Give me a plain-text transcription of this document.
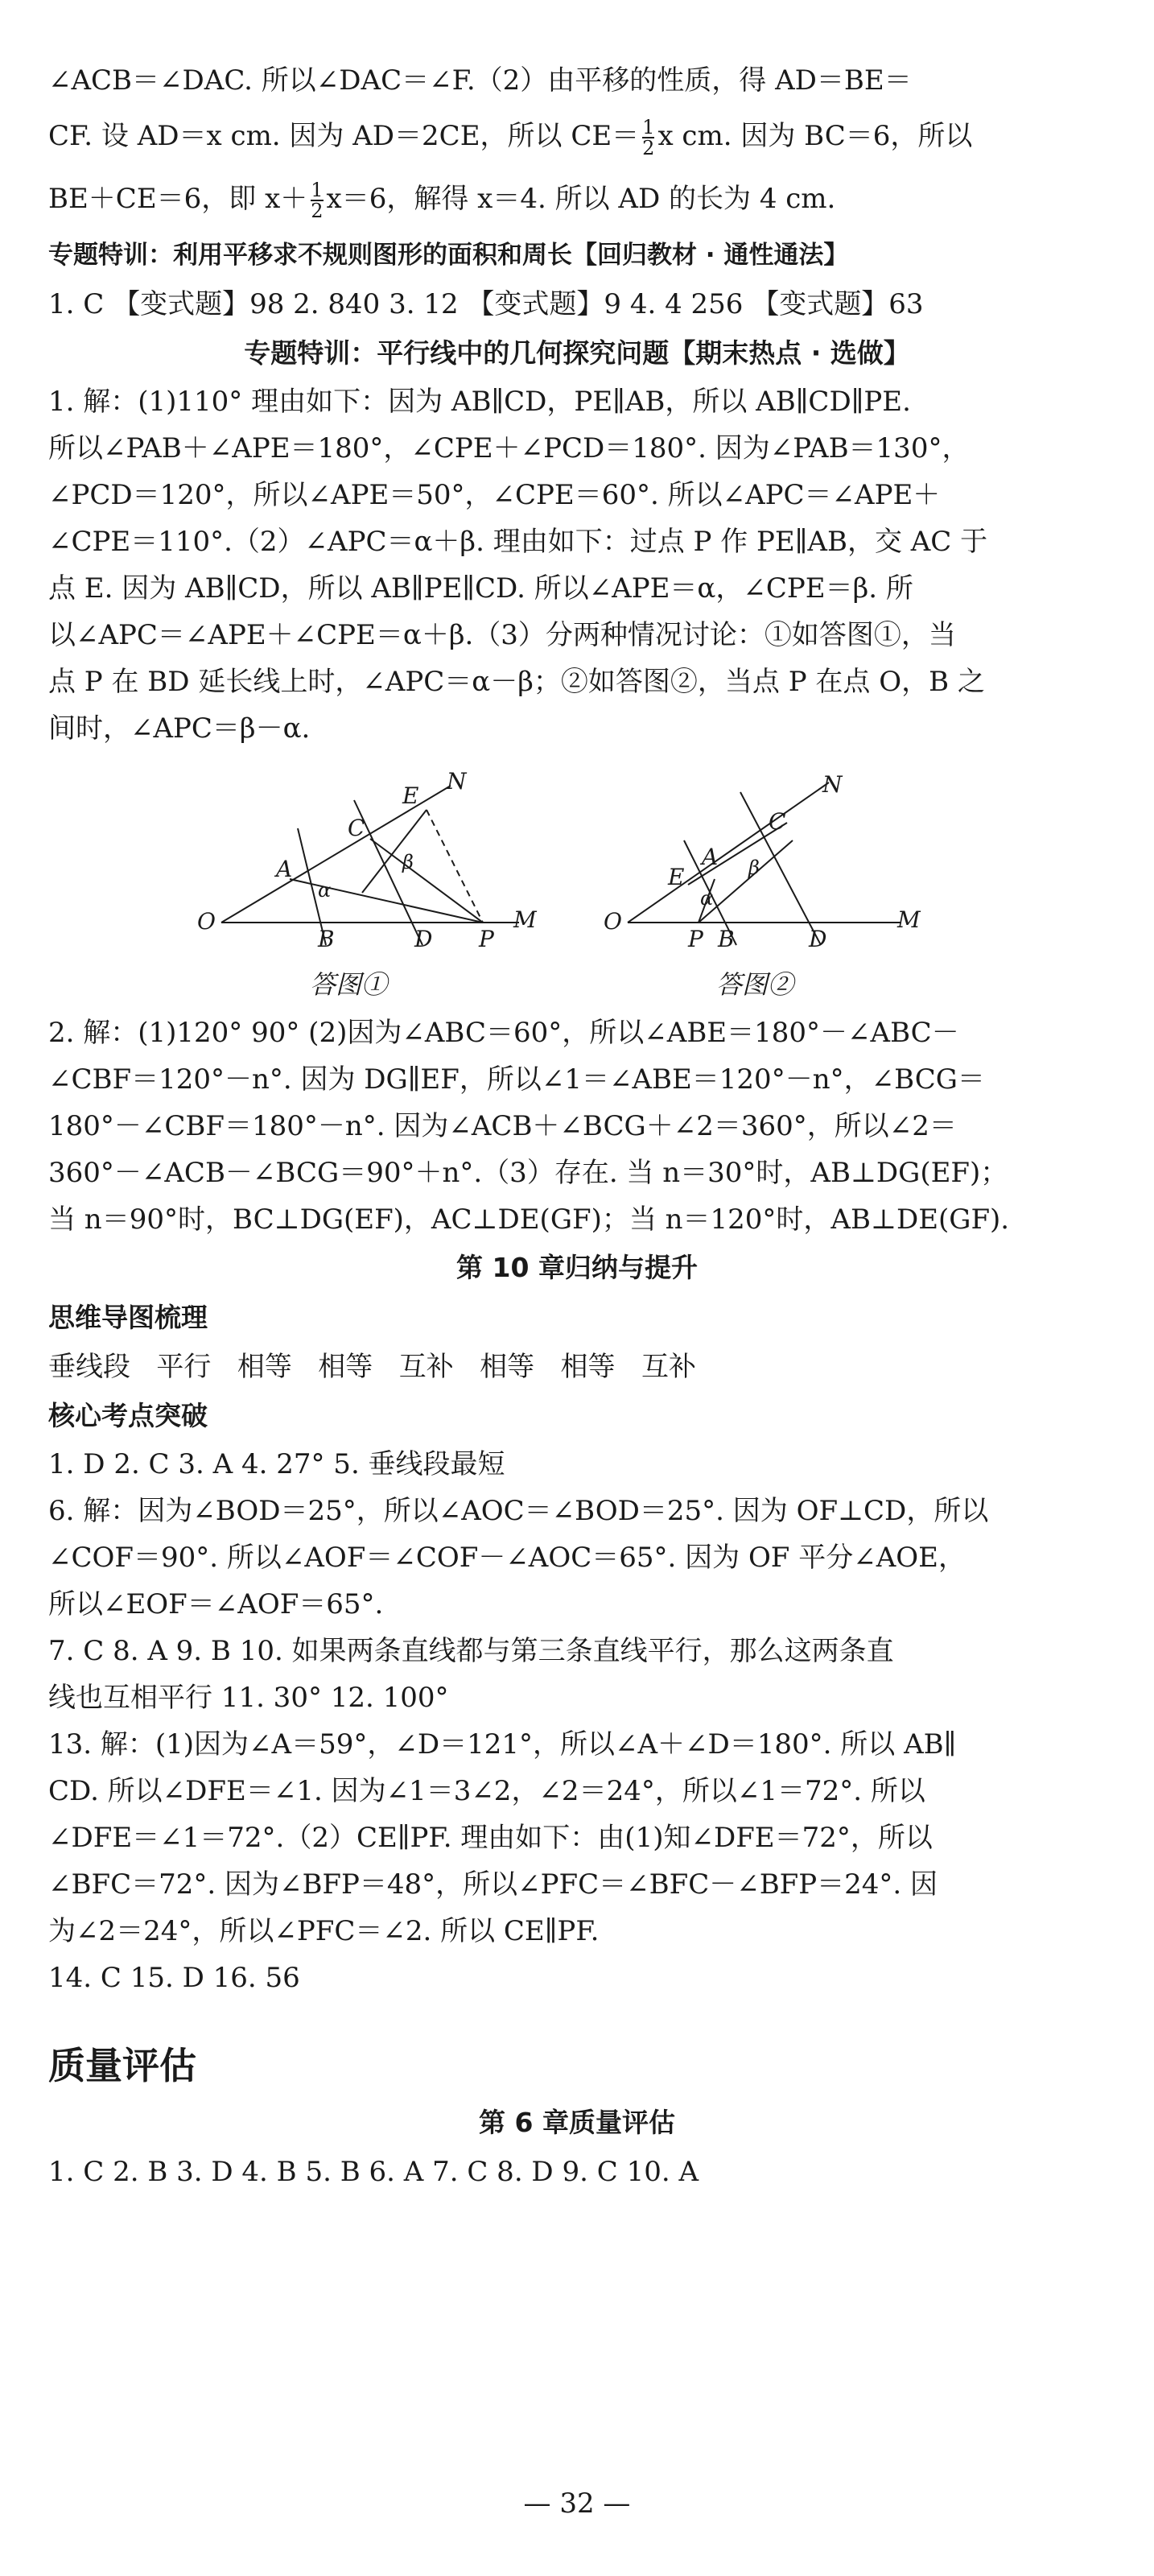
∠ACB＝∠DAC. 所以∠DAC＝∠F.（2）由平移的性质，得 AD＝BE＝
CF. 设 AD＝x cm. 因为 AD＝2CE，所以 $CE= \frac{1}{2}$ x cm. 因为 BC＝6，所以
BE＋CE＝6，即 $x+ \frac{1}{2} x=6$，解得 x＝4. 所以 AD 的长为 4 cm.
专题特训：利用平移求不规则图形的面积和周长【回归教材 · 通性通法】
1. C 【变式题】98 2. 840 3. 12 【变式题】9 4. 4 256 【变式题】63
专题特训：平行线中的几何探究问题【期末热点 · 选做】
1. 解：(1)110° 理由如下：因为 AB∥CD，PE∥AB，所以 AB∥CD∥PE.
所以∠PAB＋∠APE＝180°，∠CPE＋∠PCD＝180°. 因为∠PAB＝130°，
∠PCD＝120°，所以∠APE＝50°，∠CPE＝60°. 所以∠APC＝∠APE＋
∠CPE＝110°.（2）∠APC＝α＋β. 理由如下：过点 P 作 PE∥AB，交 AC 于
点 E. 因为 AB∥CD，所以 AB∥PE∥CD. 所以∠APE＝α，∠CPE＝β. 所
以∠APC＝∠APE＋∠CPE＝α＋β.（3）分两种情况讨论：①如答图①，当
点 P 在 BD 延长线上时，∠APC＝α－β；②如答图②，当点 P 在点 O，B 之
间时，∠APC＝β－α.
E
N
C
A
α
β
O
B	D P
M
答图①
N
C
E
A β
α
O
P B	D
M
答图②
2. 解：(1)120° 90° (2)因为∠ABC＝60°，所以∠ABE＝180°－∠ABC－
∠CBF＝120°－n°. 因为 DG∥EF，所以∠1＝∠ABE＝120°－n°，∠BCG＝
180°－∠CBF＝180°－n°. 因为∠ACB＋∠BCG＋∠2＝360°，所以∠2＝
360°－∠ACB－∠BCG＝90°＋n°.（3）存在. 当 n＝30°时，AB⊥DG(EF)；
当 n＝90°时，BC⊥DG(EF)，AC⊥DE(GF)；当 n＝120°时，AB⊥DE(GF).
第 10 章归纳与提升
思维导图梳理
垂线段   平行   相等   相等   互补   相等   相等   互补
核心考点突破
1. D 2. C 3. A 4. 27° 5. 垂线段最短
6. 解：因为∠BOD＝25°，所以∠AOC＝∠BOD＝25°. 因为 OF⊥CD，所以
∠COF＝90°. 所以∠AOF＝∠COF－∠AOC＝65°. 因为 OF 平分∠AOE，
所以∠EOF＝∠AOF＝65°.
7. C 8. A 9. B 10. 如果两条直线都与第三条直线平行，那么这两条直
线也互相平行 11. 30° 12. 100°
13. 解：(1)因为∠A＝59°，∠D＝121°，所以∠A＋∠D＝180°. 所以 AB∥
CD. 所以∠DFE＝∠1. 因为∠1＝3∠2，∠2＝24°，所以∠1＝72°. 所以
∠DFE＝∠1＝72°.（2）CE∥PF. 理由如下：由(1)知∠DFE＝72°，所以
∠BFC＝72°. 因为∠BFP＝48°，所以∠PFC＝∠BFC－∠BFP＝24°. 因
为∠2＝24°，所以∠PFC＝∠2. 所以 CE∥PF.
14. C 15. D 16. 56
质量评估
第 6 章质量评估
1. C 2. B 3. D 4. B 5. B 6. A 7. C 8. D 9. C 10. A
— 32 —
